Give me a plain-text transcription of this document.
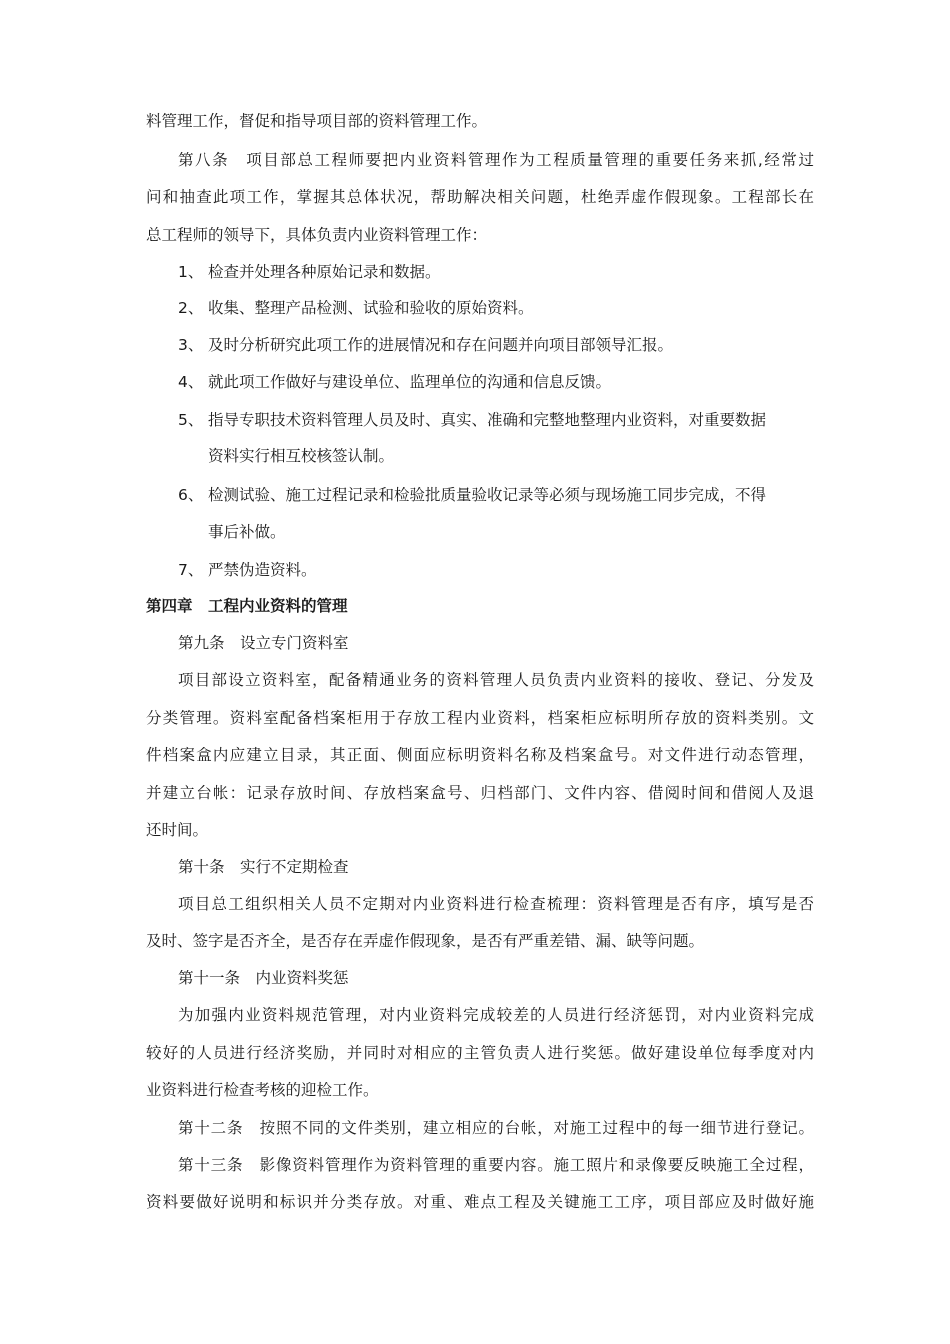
料管理工作，督促和指导项目部的资料管理工作。
第八条　项目部总工程师要把内业资料管理作为工程质量管理的重要任务来抓,经常过
问和抽查此项工作，掌握其总体状况，帮助解决相关问题，杜绝弄虚作假现象。工程部长在
总工程师的领导下，具体负责内业资料管理工作：
1、 检查并处理各种原始记录和数据。
2、 收集、整理产品检测、试验和验收的原始资料。
3、 及时分析研究此项工作的进展情况和存在问题并向项目部领导汇报。
4、 就此项工作做好与建设单位、监理单位的沟通和信息反馈。
5、 指导专职技术资料管理人员及时、真实、准确和完整地整理内业资料，对重要数据
资料实行相互校核签认制。
6、 检测试验、施工过程记录和检验批质量验收记录等必须与现场施工同步完成，不得
事后补做。
7、 严禁伪造资料。
第四章　工程内业资料的管理
第九条　设立专门资料室
项目部设立资料室，配备精通业务的资料管理人员负责内业资料的接收、登记、分发及
分类管理。资料室配备档案柜用于存放工程内业资料，档案柜应标明所存放的资料类别。文
件档案盒内应建立目录，其正面、侧面应标明资料名称及档案盒号。对文件进行动态管理，
并建立台帐：记录存放时间、存放档案盒号、归档部门、文件内容、借阅时间和借阅人及退
还时间。
第十条　实行不定期检查
项目总工组织相关人员不定期对内业资料进行检查梳理：资料管理是否有序，填写是否
及时、签字是否齐全，是否存在弄虚作假现象，是否有严重差错、漏、缺等问题。
第十一条　内业资料奖惩
为加强内业资料规范管理，对内业资料完成较差的人员进行经济惩罚，对内业资料完成
较好的人员进行经济奖励，并同时对相应的主管负责人进行奖惩。做好建设单位每季度对内
业资料进行检查考核的迎检工作。
第十二条　按照不同的文件类别，建立相应的台帐，对施工过程中的每一细节进行登记。
第十三条　影像资料管理作为资料管理的重要内容。施工照片和录像要反映施工全过程，
资料要做好说明和标识并分类存放。对重、难点工程及关键施工工序，项目部应及时做好施
